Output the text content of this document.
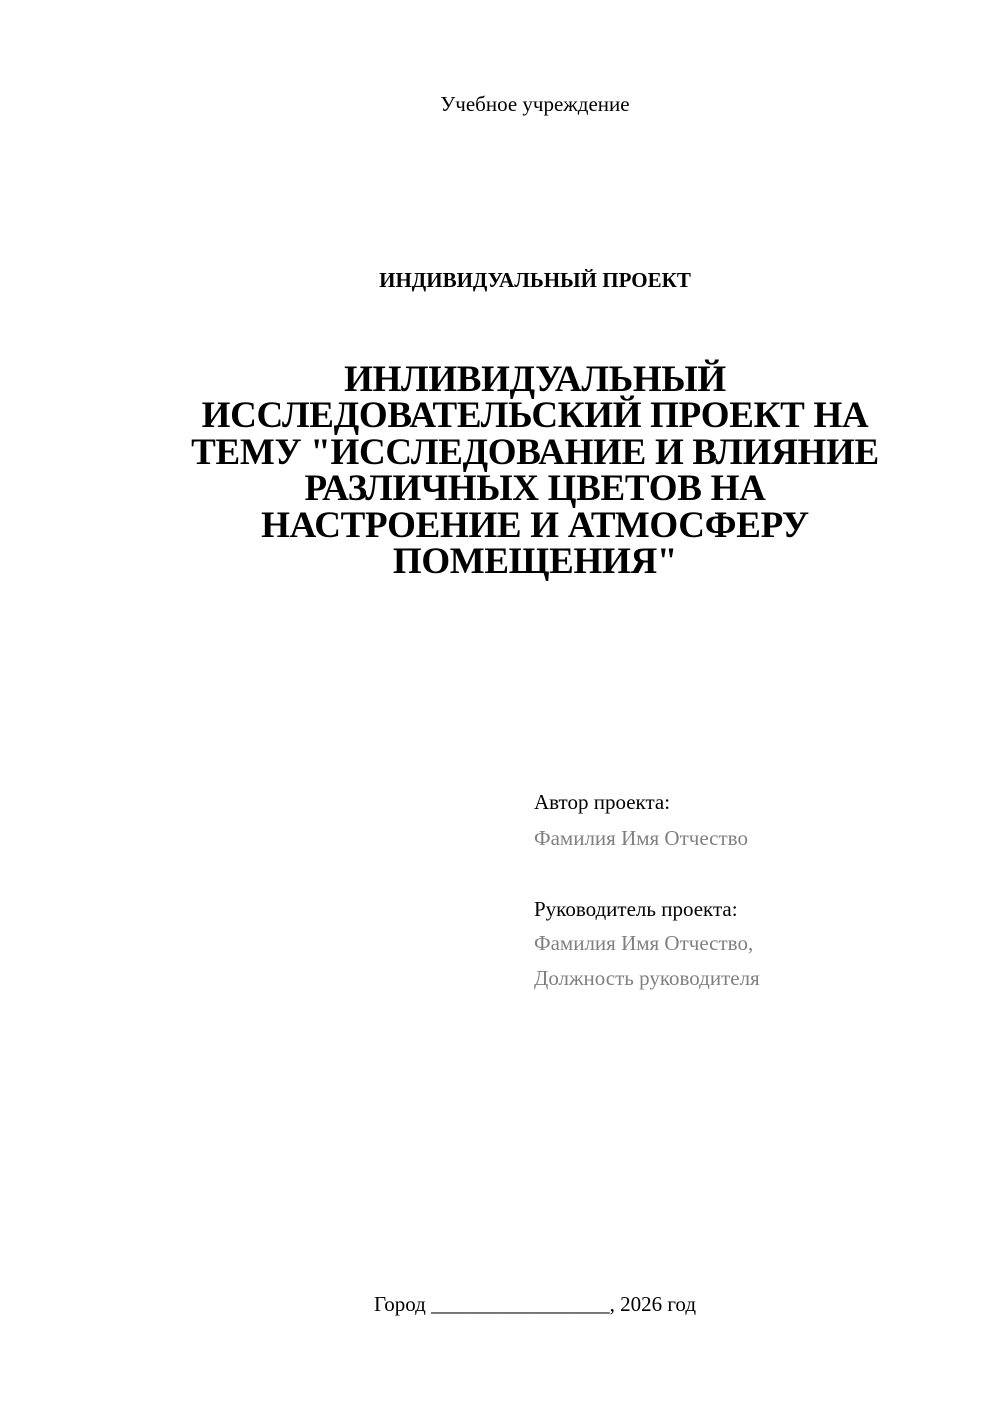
Учебное учреждение
ИНДИВИДУАЛЬНЫЙ ПРОЕКТ
ИНЛИВИДУАЛЬНЫЙ
ИССЛЕДОВАТЕЛЬСКИЙ ПРОЕКТ НА
ТЕМУ "ИССЛЕДОВАНИЕ И ВЛИЯНИЕ
РАЗЛИЧНЫХ ЦВЕТОВ НА
НАСТРОЕНИЕ И АТМОСФЕРУ
ПОМЕЩЕНИЯ"
Автор проекта:
Фамилия Имя Отчество
Руководитель проекта:
Фамилия Имя Отчество,
Должность руководителя
Город _________________, 2026 год
